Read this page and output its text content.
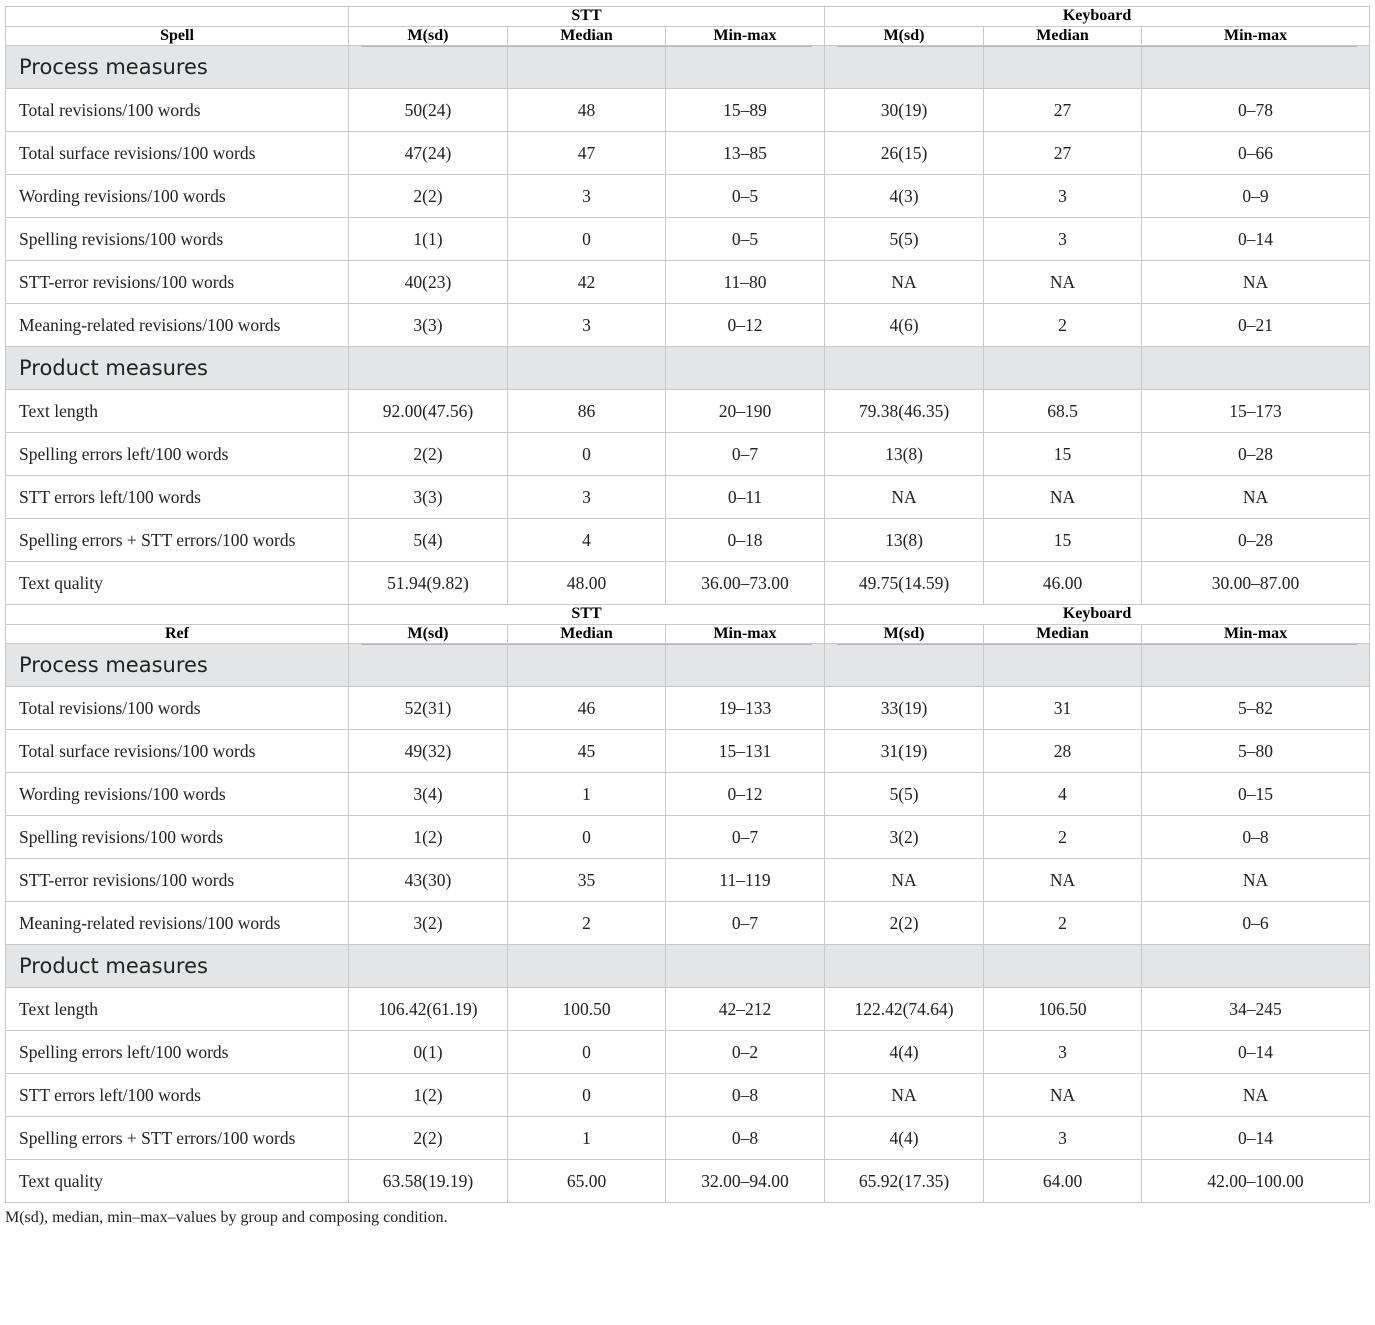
	STT			Keyboard		

Spell	M(sd)	Median	Min-max	M(sd)	Median	Min-max
Process measures						
Total revisions/100 words	50(24)	48	15–89	30(19)	27	0–78
Total surface revisions/100 words	47(24)	47	13–85	26(15)	27	0–66
Wording revisions/100 words	2(2)	3	0–5	4(3)	3	0–9
Spelling revisions/100 words	1(1)	0	0–5	5(5)	3	0–14
STT-error revisions/100 words	40(23)	42	11–80	NA	NA	NA
Meaning-related revisions/100 words	3(3)	3	0–12	4(6)	2	0–21
Product measures						
Text length	92.00(47.56)	86	20–190	79.38(46.35)	68.5	15–173
Spelling errors left/100 words	2(2)	0	0–7	13(8)	15	0–28
STT errors left/100 words	3(3)	3	0–11	NA	NA	NA
Spelling errors + STT errors/100 words	5(4)	4	0–18	13(8)	15	0–28
Text quality	51.94(9.82)	48.00	36.00–73.00	49.75(14.59)	46.00	30.00–87.00
	STT			Keyboard		

Ref	M(sd)	Median	Min-max	M(sd)	Median	Min-max
Process measures						
Total revisions/100 words	52(31)	46	19–133	33(19)	31	5–82
Total surface revisions/100 words	49(32)	45	15–131	31(19)	28	5–80
Wording revisions/100 words	3(4)	1	0–12	5(5)	4	0–15
Spelling revisions/100 words	1(2)	0	0–7	3(2)	2	0–8
STT-error revisions/100 words	43(30)	35	11–119	NA	NA	NA
Meaning-related revisions/100 words	3(2)	2	0–7	2(2)	2	0–6
Product measures						
Text length	106.42(61.19)	100.50	42–212	122.42(74.64)	106.50	34–245
Spelling errors left/100 words	0(1)	0	0–2	4(4)	3	0–14
STT errors left/100 words	1(2)	0	0–8	NA	NA	NA
Spelling errors + STT errors/100 words	2(2)	1	0–8	4(4)	3	0–14
Text quality	63.58(19.19)	65.00	32.00–94.00	65.92(17.35)	64.00	42.00–100.00
M(sd), median, min–max–values by group and composing condition.
